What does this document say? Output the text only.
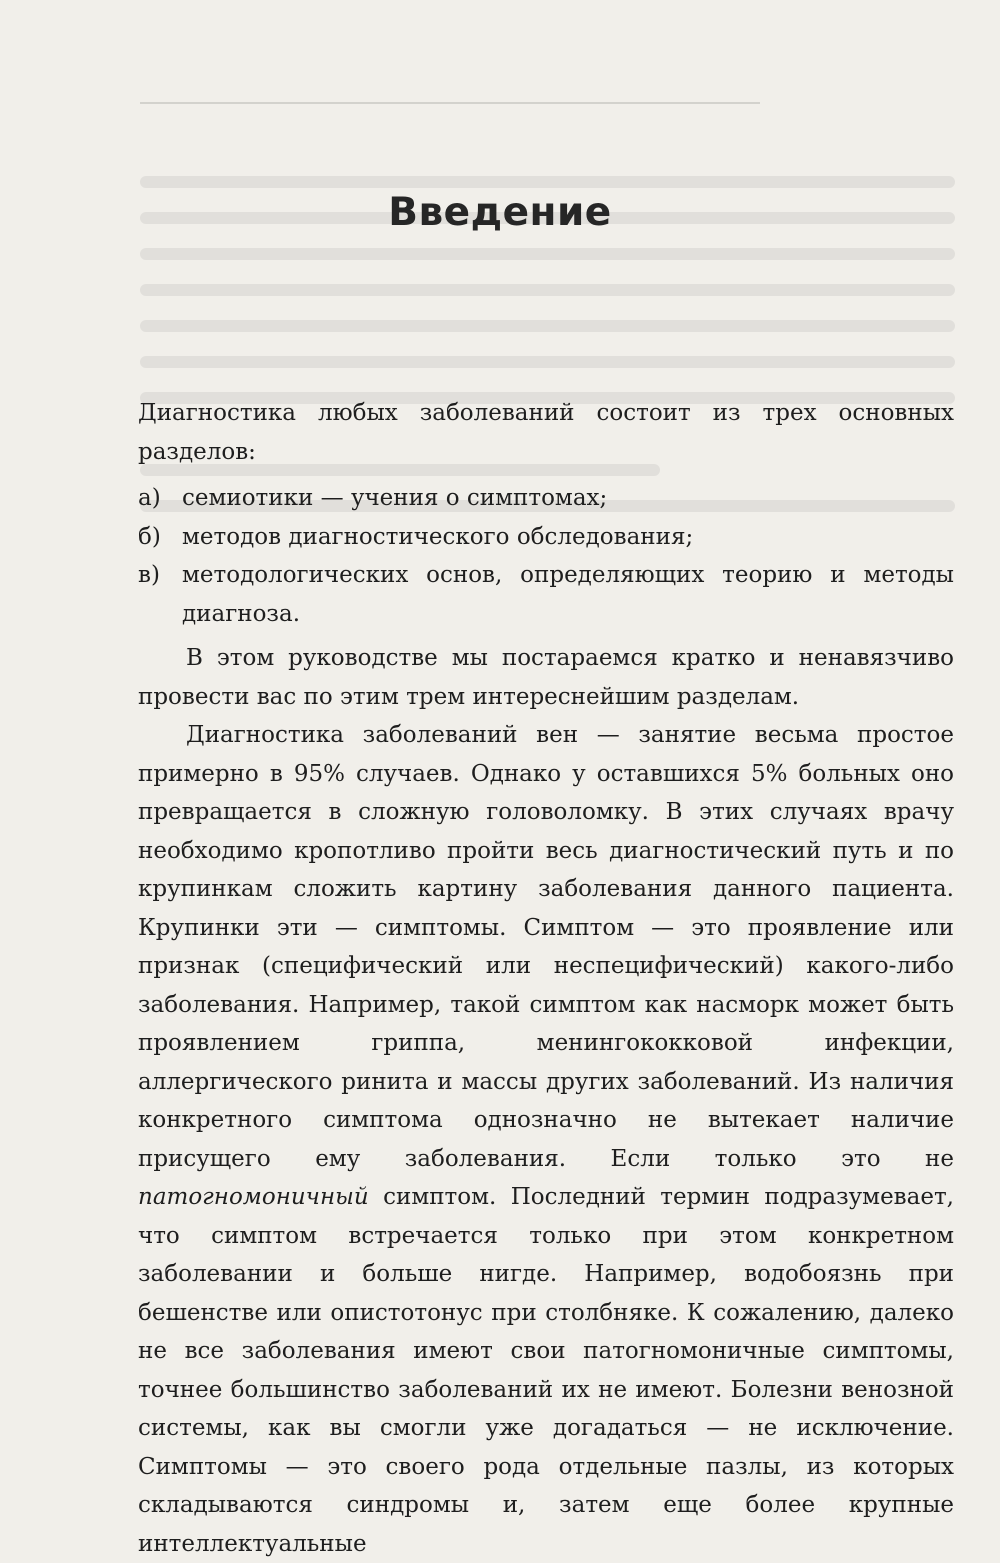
Введение

Диагностика любых заболеваний состоит из трех основных разделов:

а) семиотики — учения о симптомах;
б) методов диагностического обследования;
в) методологических основ, определяющих теорию и методы диагноза.

В этом руководстве мы постараемся кратко и ненавязчиво провести вас по этим трем интереснейшим разделам.

Диагностика заболеваний вен — занятие весьма простое примерно в 95% случаев. Однако у оставшихся 5% больных оно превращается в сложную головоломку. В этих случаях врачу необходимо кропотливо пройти весь диагностический путь и по крупинкам сложить картину заболевания данного пациента. Крупинки эти — симптомы. Симптом — это проявление или признак (специфический или неспецифический) какого-либо заболевания. Например, такой симптом как насморк может быть проявлением гриппа, менингококковой инфекции, аллергического ринита и массы других заболеваний. Из наличия конкретного симптома однозначно не вытекает наличие присущего ему заболевания. Если только это не патогномоничный симптом. Последний термин подразумевает, что симптом встречается только при этом конкретном заболевании и больше нигде. Например, водобоязнь при бешенстве или опистотонус при столбняке. К сожалению, далеко не все заболевания имеют свои патогномоничные симптомы, точнее большинство заболеваний их не имеют. Болезни венозной системы, как вы смогли уже догадаться — не исключение. Симптомы — это своего рода отдельные пазлы, из которых складываются синдромы и, затем еще более крупные интеллектуальные
